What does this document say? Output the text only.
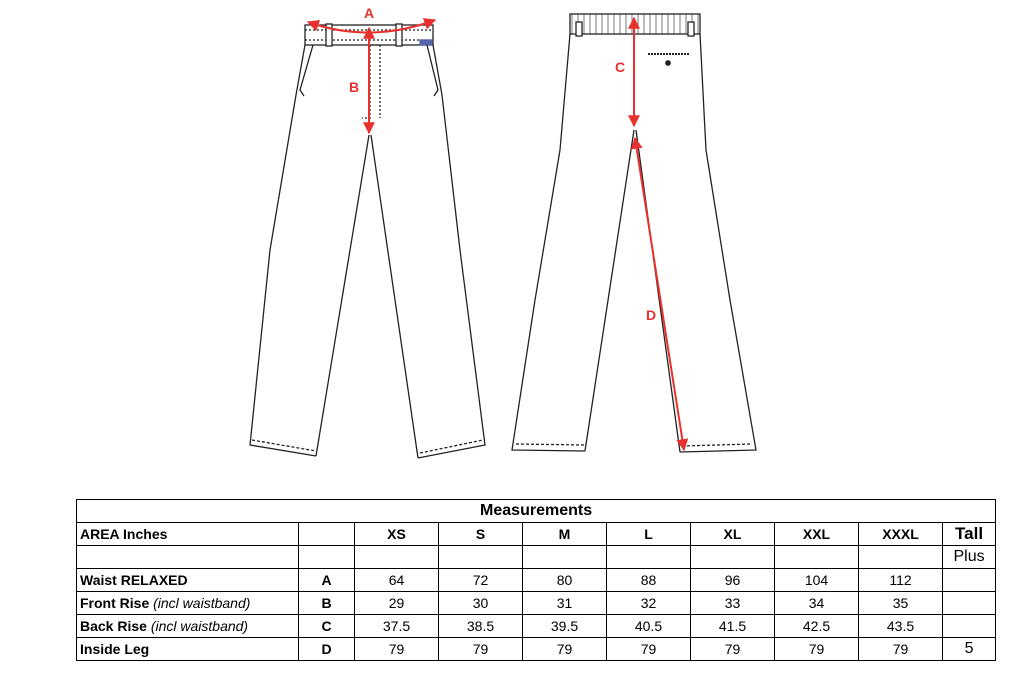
A
B
C
D
Measurements									
AREA Inches		XS	S	M	L	XL	XXL	XXXL	Tall
									Plus
Waist RELAXED	A	64	72	80	88	96	104	112	
Front Rise (incl waistband)	B	29	30	31	32	33	34	35	
Back Rise (incl waistband)	C	37.5	38.5	39.5	40.5	41.5	42.5	43.5	
Inside Leg	D	79	79	79	79	79	79	79	5
